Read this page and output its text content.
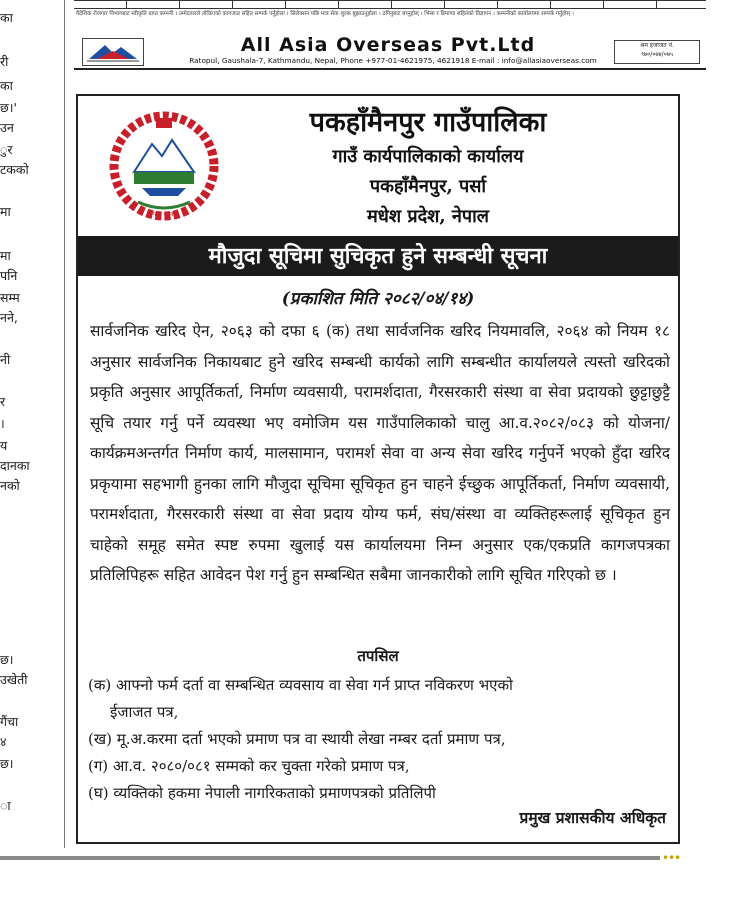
का
री
का
छ।'
उन
ुर
टकको
मा
मा
पनि
सम्म
नने,
नी
र
।
य
दानका
नको
छ।
उखेती
गैंचा
४
छ।
ा
वैदेशिक रोजगार विभागबाट स्वीकृति प्राप्त कम्पनी । उम्मेदवारले तोकिएको कागजात सहित सम्पर्क गर्नुहोला । सिलेक्सन पछि मात्र सेवा शुल्क बुझाउनुहोला । ठगिनुबाट बच्नुहोस् । भिसा र डिमाण्ड सहितको विज्ञापन । कम्पनीको कार्यालयमा सम्पर्क गर्नुहोस् ।
All Asia Overseas Pvt.Ltd
Ratopul, Gaushala-7, Kathmandu, Nepal, Phone +977-01-4621975, 4621918 E-mail : info@allasiaoverseas.com
श्रम इजाजत नं.
९७०/०७४/०७५
नेपाल सरकार
पकहाँमैनपुर गाउँपालिका
गाउँ कार्यपालिकाको कार्यालय
पकहाँमैनपुर, पर्सा
मधेश प्रदेश, नेपाल
मौजुदा सूचिमा सुचिकृत हुने सम्बन्धी सूचना
(प्रकाशित मिति २०८२/०४/१४)
सार्वजनिक खरिद ऐन, २०६३ को दफा ६ (क) तथा सार्वजनिक खरिद नियमावलि, २०६४ को नियम १८ अनुसार सार्वजनिक निकायबाट हुने खरिद सम्बन्धी कार्यको लागि सम्बन्धीत कार्यालयले त्यस्तो खरिदको प्रकृति अनुसार आपूर्तिकर्ता, निर्माण व्यवसायी, परामर्शदाता, गैरसरकारी संस्था वा सेवा प्रदायको छुट्टाछुट्टै सूचि तयार गर्नु पर्ने व्यवस्था भए वमोजिम यस गाउँपालिकाको चालु आ.व.२०८२/०८३ को योजना/कार्यक्रमअन्तर्गत निर्माण कार्य, मालसामान, परामर्श सेवा वा अन्य सेवा खरिद गर्नुपर्ने भएको हुँदा खरिद प्रकृयामा सहभागी हुनका लागि मौजुदा सूचिमा सूचिकृत हुन चाहने ईच्छुक आपूर्तिकर्ता, निर्माण व्यवसायी, परामर्शदाता, गैरसरकारी संस्था वा सेवा प्रदाय योग्य फर्म, संघ/संस्था वा व्यक्तिहरूलाई सूचिकृत हुन चाहेको समूह समेत स्पष्ट रुपमा खुलाई यस कार्यालयमा निम्न अनुसार एक/एकप्रति कागजपत्रका प्रतिलिपिहरू सहित आवेदन पेश गर्नु हुन सम्बन्धित सबैमा जानकारीको लागि सूचित गरिएको छ ।
तपसिल
(क) आफ्नो फर्म दर्ता वा सम्बन्धित व्यवसाय वा सेवा गर्न प्राप्त नविकरण भएको
ईजाजत पत्र,
(ख) मू.अ.करमा दर्ता भएको प्रमाण पत्र वा स्थायी लेखा नम्बर दर्ता प्रमाण पत्र,
(ग) आ.व. २०८०/०८१ सम्मको कर चुक्ता गरेको प्रमाण पत्र,
(घ) व्यक्तिको हकमा नेपाली नागरिकताको प्रमाणपत्रको प्रतिलिपी
प्रमुख प्रशासकीय अधिकृत
•••
